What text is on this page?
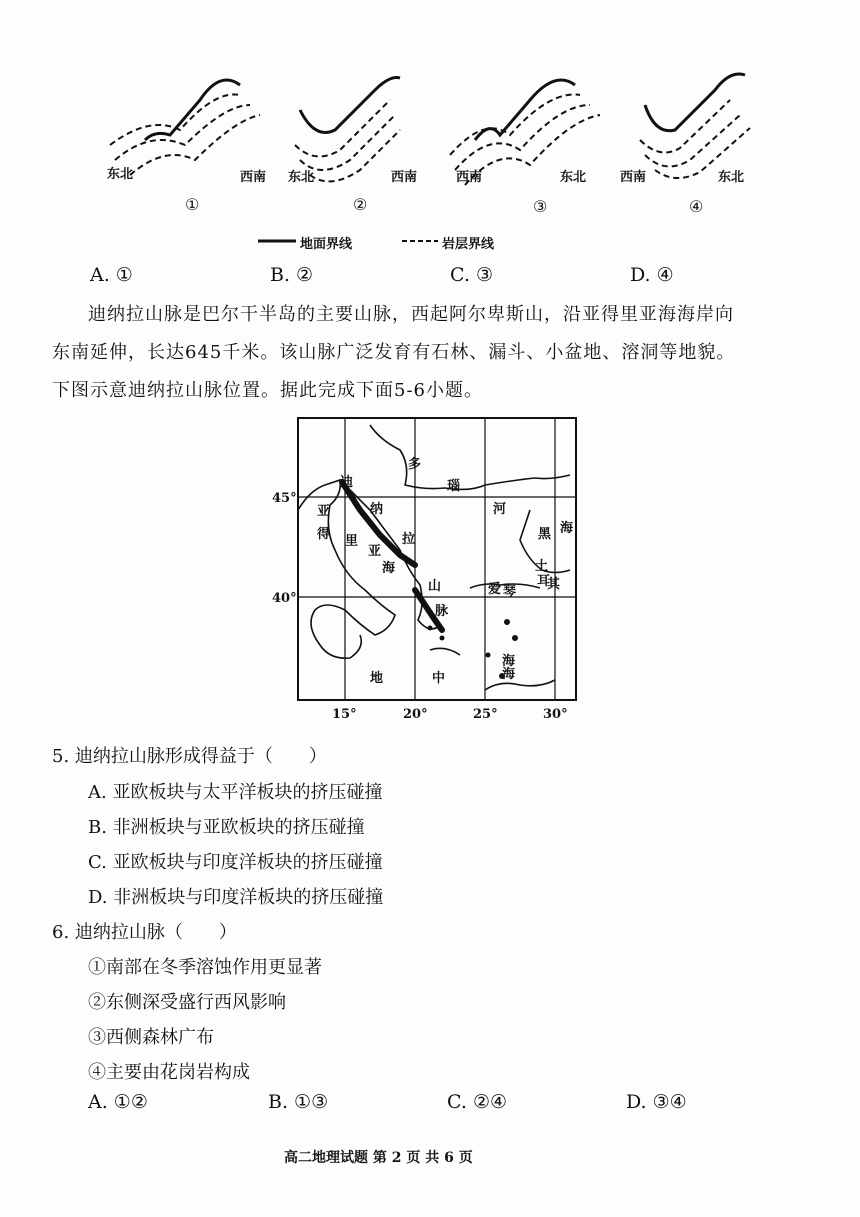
东北	西南 东北	西南	西南	东北	西南	东北
①	②	③	④
地面界线	岩层界线
A. ①	B. ②	C. ③	D. ④
迪纳拉山脉是巴尔干半岛的主要山脉，西起阿尔卑斯山，沿亚得里亚海海岸向
东南延伸，长达645千米。该山脉广泛发育有石林、漏斗、小盆地、溶洞等地貌。
下图示意迪纳拉山脉位置。据此完成下面5-6小题。
多
瑙
河
亚
得 里
亚
海
迪
纳
拉
山
脉
黑 海
土
耳
其
爱 琴
海
地	中
海
45°
40°
15°	20°	25°	30°
5. 迪纳拉山脉形成得益于（　　）
A. 亚欧板块与太平洋板块的挤压碰撞
B. 非洲板块与亚欧板块的挤压碰撞
C. 亚欧板块与印度洋板块的挤压碰撞
D. 非洲板块与印度洋板块的挤压碰撞
6. 迪纳拉山脉（　　）
①南部在冬季溶蚀作用更显著
②东侧深受盛行西风影响
③西侧森林广布
④主要由花岗岩构成
A. ①②	B. ①③	C. ②④	D. ③④
高二地理试题 第 2 页 共 6 页
